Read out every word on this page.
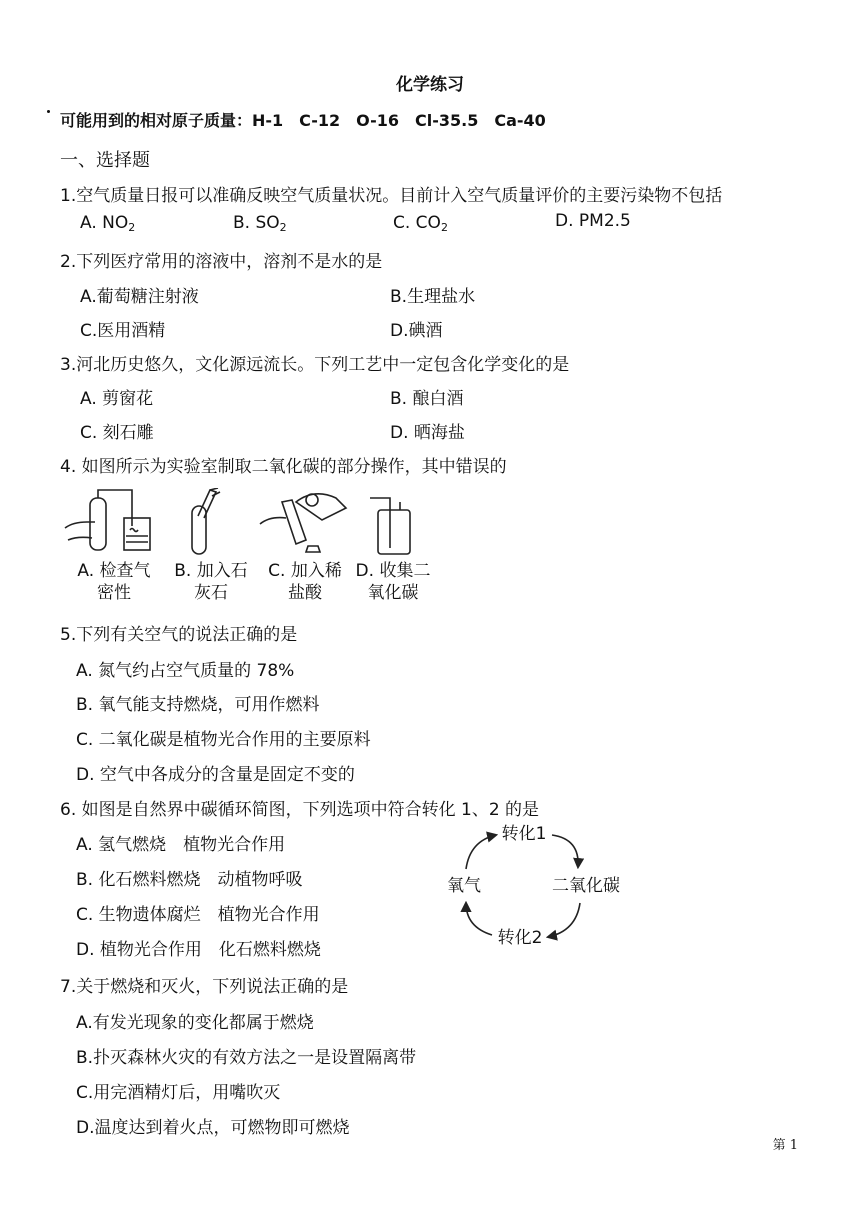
化学练习
可能用到的相对原子质量：H-1　C-12　O-16　Cl-35.5　Ca-40
一、选择题
1.空气质量日报可以准确反映空气质量状况。目前计入空气质量评价的主要污染物不包括
A. $NO_2$	B. $SO_2$	C. $CO_2$	D. PM2.5
2.下列医疗常用的溶液中，溶剂不是水的是
A.葡萄糖注射液	B.生理盐水
C.医用酒精	D.碘酒
3.河北历史悠久，文化源远流长。下列工艺中一定包含化学变化的是
A. 剪窗花	B. 酿白酒
C. 刻石雕	D. 晒海盐
4. 如图所示为实验室制取二氧化碳的部分操作，其中错误的
A. 检查气
密性
B. 加入石
灰石
C. 加入稀
盐酸
D. 收集二
氧化碳
5.下列有关空气的说法正确的是
A. 氮气约占空气质量的 78%
B. 氧气能支持燃烧，可用作燃料
C. 二氧化碳是植物光合作用的主要原料
D. 空气中各成分的含量是固定不变的
6. 如图是自然界中碳循环简图，下列选项中符合转化 1、2 的是
A. 氢气燃烧　植物光合作用
B. 化石燃料燃烧　动植物呼吸
C. 生物遗体腐烂　植物光合作用
D. 植物光合作用　化石燃料燃烧
转化1
氧气	二氧化碳
转化2
7.关于燃烧和灭火，下列说法正确的是
A.有发光现象的变化都属于燃烧
B.扑灭森林火灾的有效方法之一是设置隔离带
C.用完酒精灯后，用嘴吹灭
D.温度达到着火点，可燃物即可燃烧
第 1
